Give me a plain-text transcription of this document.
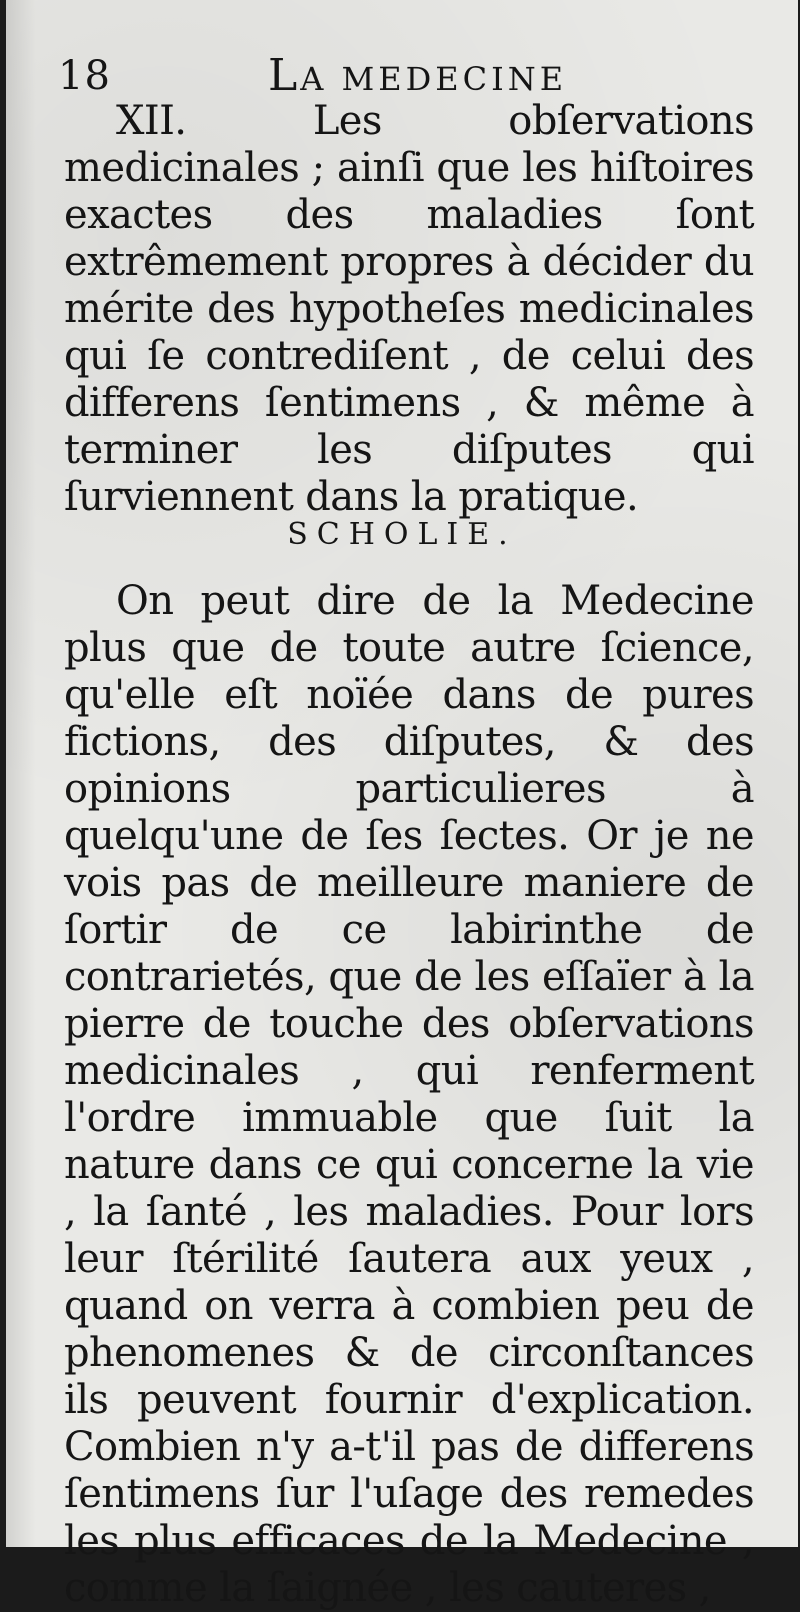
18	LA MEDECINE
XII. Les obſervations medicinales ; ainſi que les hiſtoires exactes des maladies ſont extrêmement propres à décider du mérite des hypotheſes medicinales qui ſe contrediſent , de celui des differens ſentimens , & même à terminer les diſputes qui ſurviennent dans la pratique.
SCHOLIE.
On peut dire de la Medecine plus que de toute autre ſcience, qu'elle eſt noïée dans de pures fictions, des diſputes, & des opinions particulieres à quelqu'une de ſes ſectes. Or je ne vois pas de meilleure maniere de ſortir de ce labirinthe de contrarietés, que de les eſſaïer à la pierre de touche des obſervations medicinales , qui renferment l'ordre immuable que ſuit la nature dans ce qui concerne la vie , la ſanté , les maladies. Pour lors leur ſtérilité ſautera aux yeux , quand on verra à combien peu de phenomenes & de circonſtances ils peuvent fournir d'explication. Combien n'y a-t'il pas de differens ſentimens ſur l'uſage des remedes les plus efficaces de la Medecine , comme la ſaignée , les cauteres ,
